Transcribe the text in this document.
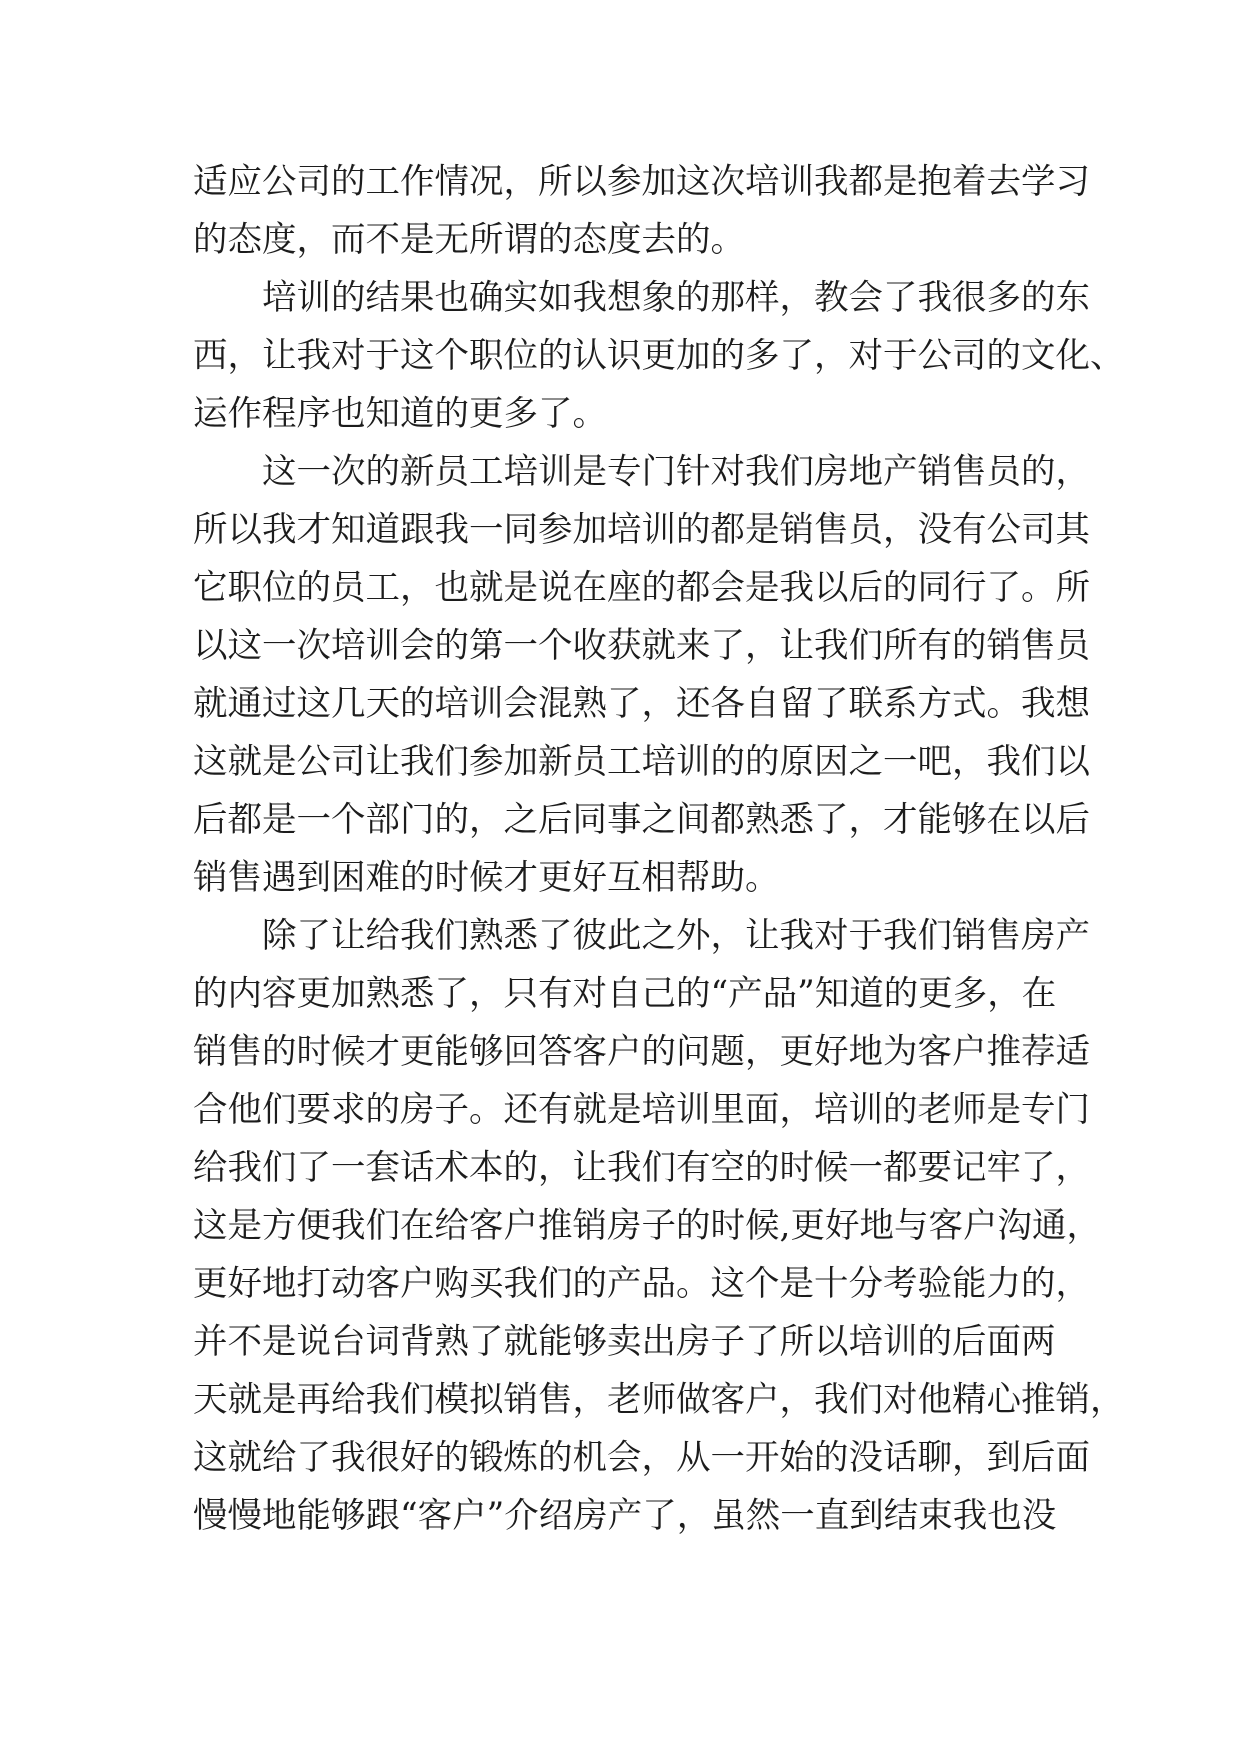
适应公司的工作情况，所以参加这次培训我都是抱着去学习
的态度，而不是无所谓的态度去的。
培训的结果也确实如我想象的那样，教会了我很多的东
西，让我对于这个职位的认识更加的多了，对于公司的文化、
运作程序也知道的更多了。
这一次的新员工培训是专门针对我们房地产销售员的，
所以我才知道跟我一同参加培训的都是销售员，没有公司其
它职位的员工，也就是说在座的都会是我以后的同行了。所
以这一次培训会的第一个收获就来了，让我们所有的销售员
就通过这几天的培训会混熟了，还各自留了联系方式。我想
这就是公司让我们参加新员工培训的的原因之一吧，我们以
后都是一个部门的，之后同事之间都熟悉了，才能够在以后
销售遇到困难的时候才更好互相帮助。
除了让给我们熟悉了彼此之外，让我对于我们销售房产
的内容更加熟悉了，只有对自己的“产品”知道的更多，在
销售的时候才更能够回答客户的问题，更好地为客户推荐适
合他们要求的房子。还有就是培训里面，培训的老师是专门
给我们了一套话术本的，让我们有空的时候一都要记牢了，
这是方便我们在给客户推销房子的时候,更好地与客户沟通，
更好地打动客户购买我们的产品。这个是十分考验能力的，
并不是说台词背熟了就能够卖出房子了所以培训的后面两
天就是再给我们模拟销售，老师做客户，我们对他精心推销，
这就给了我很好的锻炼的机会，从一开始的没话聊，到后面
慢慢地能够跟“客户”介绍房产了，虽然一直到结束我也没
